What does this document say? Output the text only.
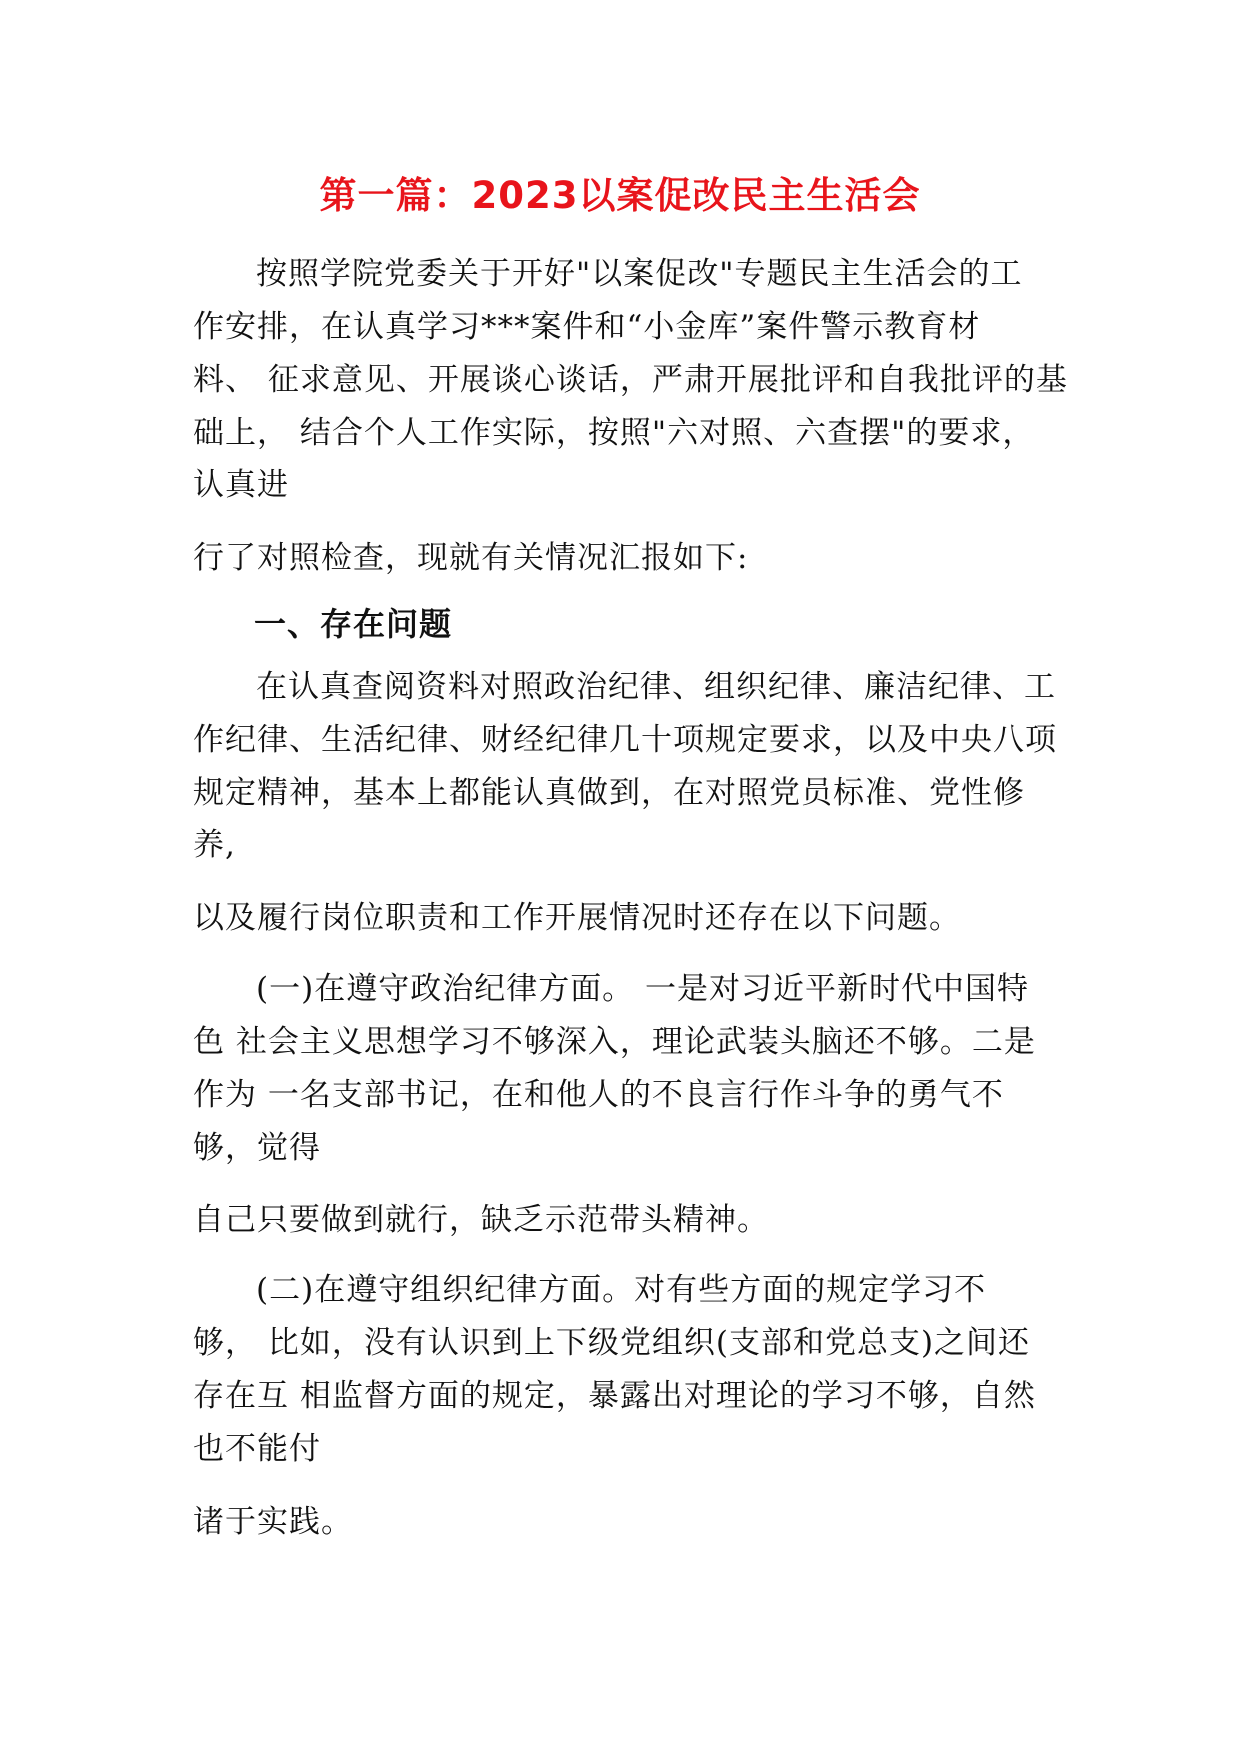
第一篇：2023以案促改民主生活会
按照学院党委关于开好"以案促改"专题民主生活会的工
作安排，在认真学习***案件和“小金库”案件警示教育材
料、 征求意见、开展谈心谈话，严肃开展批评和自我批评的基
础上， 结合个人工作实际，按照"六对照、六查摆"的要求，
认真进
行了对照检查，现就有关情况汇报如下:
一、存在问题
在认真查阅资料对照政治纪律、组织纪律、廉洁纪律、工
作纪律、生活纪律、财经纪律几十项规定要求，以及中央八项
规定精神，基本上都能认真做到，在对照党员标准、党性修
养,
以及履行岗位职责和工作开展情况时还存在以下问题。
(一)在遵守政治纪律方面。 一是对习近平新时代中国特
色 社会主义思想学习不够深入，理论武装头脑还不够。二是
作为 一名支部书记，在和他人的不良言行作斗争的勇气不
够，觉得
自己只要做到就行，缺乏示范带头精神。
(二)在遵守组织纪律方面。对有些方面的规定学习不
够， 比如，没有认识到上下级党组织(支部和党总支)之间还
存在互 相监督方面的规定，暴露出对理论的学习不够，自然
也不能付
诸于实践。
